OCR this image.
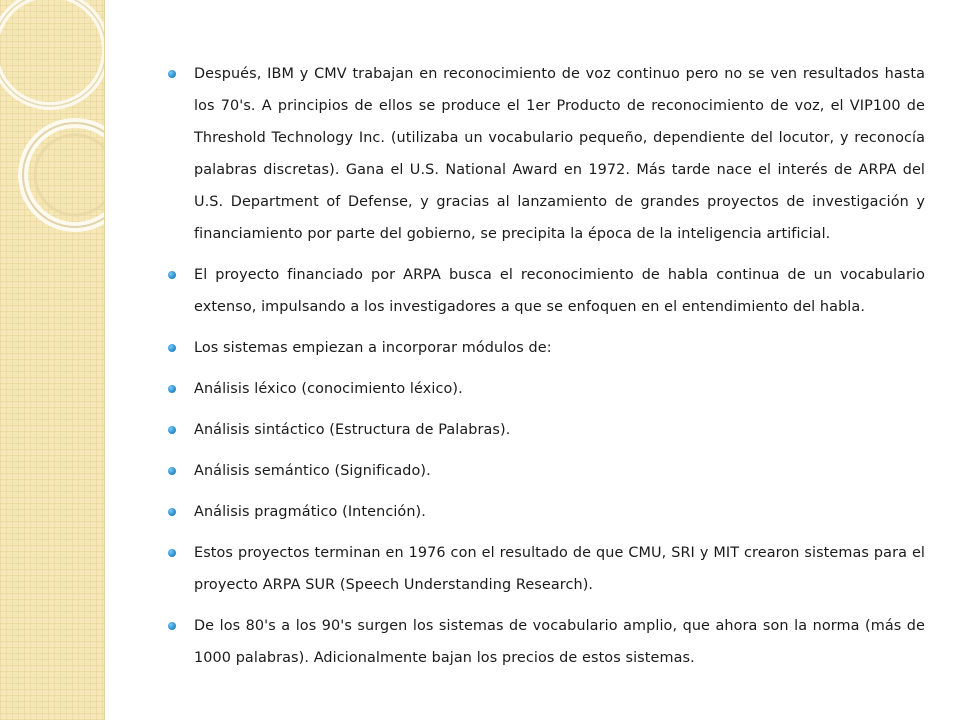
Después, IBM y CMV trabajan en reconocimiento de voz continuo pero no se ven resultados hasta los 70's. A principios de ellos se produce el 1er Producto de reconocimiento de voz, el VIP100 de Threshold Technology Inc. (utilizaba un vocabulario pequeño, dependiente del locutor, y reconocía palabras discretas). Gana el U.S. National Award en 1972. Más tarde nace el interés de ARPA del U.S. Department of Defense, y gracias al lanzamiento de grandes proyectos de investigación y financiamiento por parte del gobierno, se precipita la época de la inteligencia artificial.
El proyecto financiado por ARPA busca el reconocimiento de habla continua de un vocabulario extenso, impulsando a los investigadores a que se enfoquen en el entendimiento del habla.
Los sistemas empiezan a incorporar módulos de:
Análisis léxico (conocimiento léxico).
Análisis sintáctico (Estructura de Palabras).
Análisis semántico (Significado).
Análisis pragmático (Intención).
Estos proyectos terminan en 1976 con el resultado de que CMU, SRI y MIT crearon sistemas para el proyecto ARPA SUR (Speech Understanding Research).
De los 80's a los 90's surgen los sistemas de vocabulario amplio, que ahora son la norma (más de 1000 palabras). Adicionalmente bajan los precios de estos sistemas.
